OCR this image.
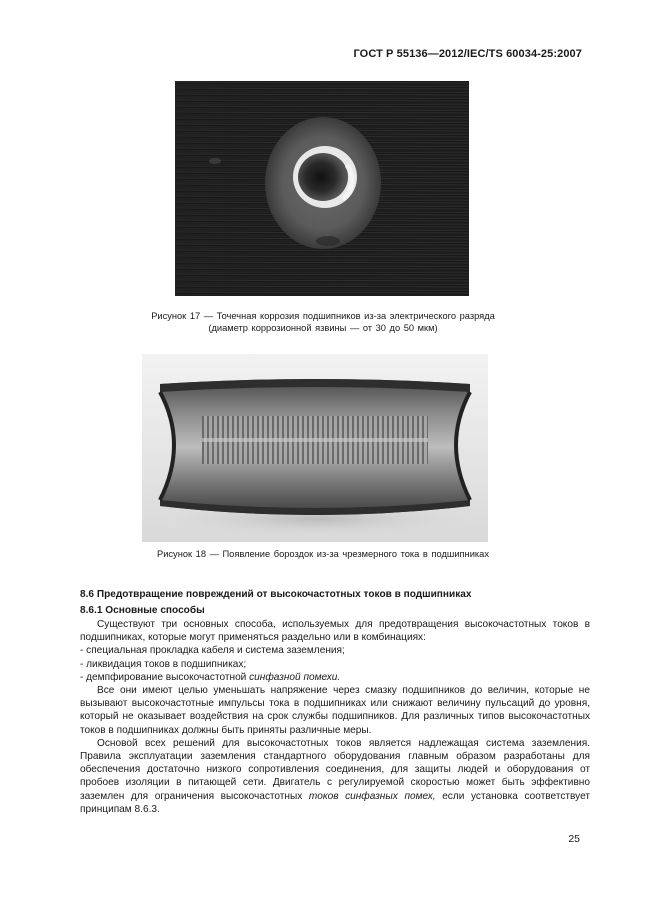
ГОСТ Р 55136—2012/IEC/TS 60034-25:2007
Рисунок 17 — Точечная коррозия подшипников из-за электрического разряда
(диаметр коррозионной язвины — от 30 до 50 мкм)
Рисунок 18 — Появление бороздок из-за чрезмерного тока в подшипниках
8.6 Предотвращение повреждений от высокочастотных токов в подшипниках
8.6.1 Основные способы

Существуют три основных способа, используемых для предотвращения высокочастотных токов в подшипниках, которые могут применяться раздельно или в комбинациях:

- специальная прокладка кабеля и система заземления;

- ликвидация токов в подшипниках;

- демпфирование высокочастотной синфазной помехи.

Все они имеют целью уменьшать напряжение через смазку подшипников до величин, которые не вызывают высокочастотные импульсы тока в подшипниках или снижают величину пульсаций до уровня, который не оказывает воздействия на срок службы подшипников. Для различных типов высокочастотных токов в подшипниках должны быть приняты различные меры.

Основой всех решений для высокочастотных токов является надлежащая система заземления. Правила эксплуатации заземления стандартного оборудования главным образом разработаны для обеспечения достаточно низкого сопротивления соединения, для защиты людей и оборудования от пробоев изоляции в питающей сети. Двигатель с регулируемой скоростью может быть эффективно заземлен для ограничения высокочастотных токов синфазных помех, если установка соответствует принципам 8.6.3.

25
